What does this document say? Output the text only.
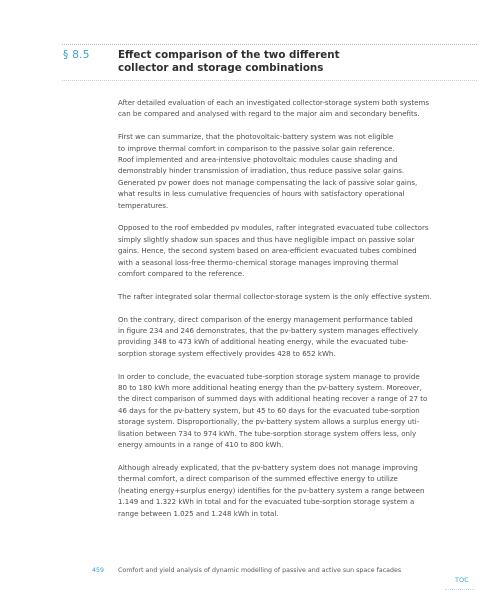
§ 8.5	Effect comparison of the two different
collector and storage combinations

After detailed evaluation of each an investigated collector-storage system both systems
can be compared and analysed with regard to the major aim and secondary benefits.

First we can summarize, that the photovoltaic-battery system was not eligible
to improve thermal comfort in comparison to the passive solar gain reference.
Roof implemented and area-intensive photovoltaic modules cause shading and
demonstrably hinder transmission of irradiation, thus reduce passive solar gains.
Generated pv power does not manage compensating the lack of passive solar gains,
what results in less cumulative frequencies of hours with satisfactory operational
temperatures.

Opposed to the roof embedded pv modules, rafter integrated evacuated tube collectors
simply slightly shadow sun spaces and thus have negligible impact on passive solar
gains. Hence, the second system based on area-efficient evacuated tubes combined
with a seasonal loss-free thermo-chemical storage manages improving thermal
comfort compared to the reference.

The rafter integrated solar thermal collector-storage system is the only effective system.

On the contrary, direct comparison of the energy management performance tabled
in figure 234 and 246 demonstrates, that the pv-battery system manages effectively
providing 348 to 473 kWh of additional heating energy, while the evacuated tube-
sorption storage system effectively provides 428 to 652 kWh.

In order to conclude, the evacuated tube-sorption storage system manage to provide
80 to 180 kWh more additional heating energy than the pv-battery system. Moreover,
the direct comparison of summed days with additional heating recover a range of 27 to
46 days for the pv-battery system, but 45 to 60 days for the evacuated tube-sorption
storage system. Disproportionally, the pv-battery system allows a surplus energy uti-
lisation between 734 to 974 kWh. The tube-sorption storage system offers less, only
energy amounts in a range of 410 to 800 kWh.

Although already explicated, that the pv-battery system does not manage improving
thermal comfort, a direct comparison of the summed effective energy to utilize
(heating energy+surplus energy) identifies for the pv-battery system a range between
1.149 and 1.322 kWh in total and for the evacuated tube-sorption storage system a
range between 1.025 and 1.248 kWh in total.

459 Comfort and yield analysis of dynamic modelling of passive and active sun space facades
TOC
